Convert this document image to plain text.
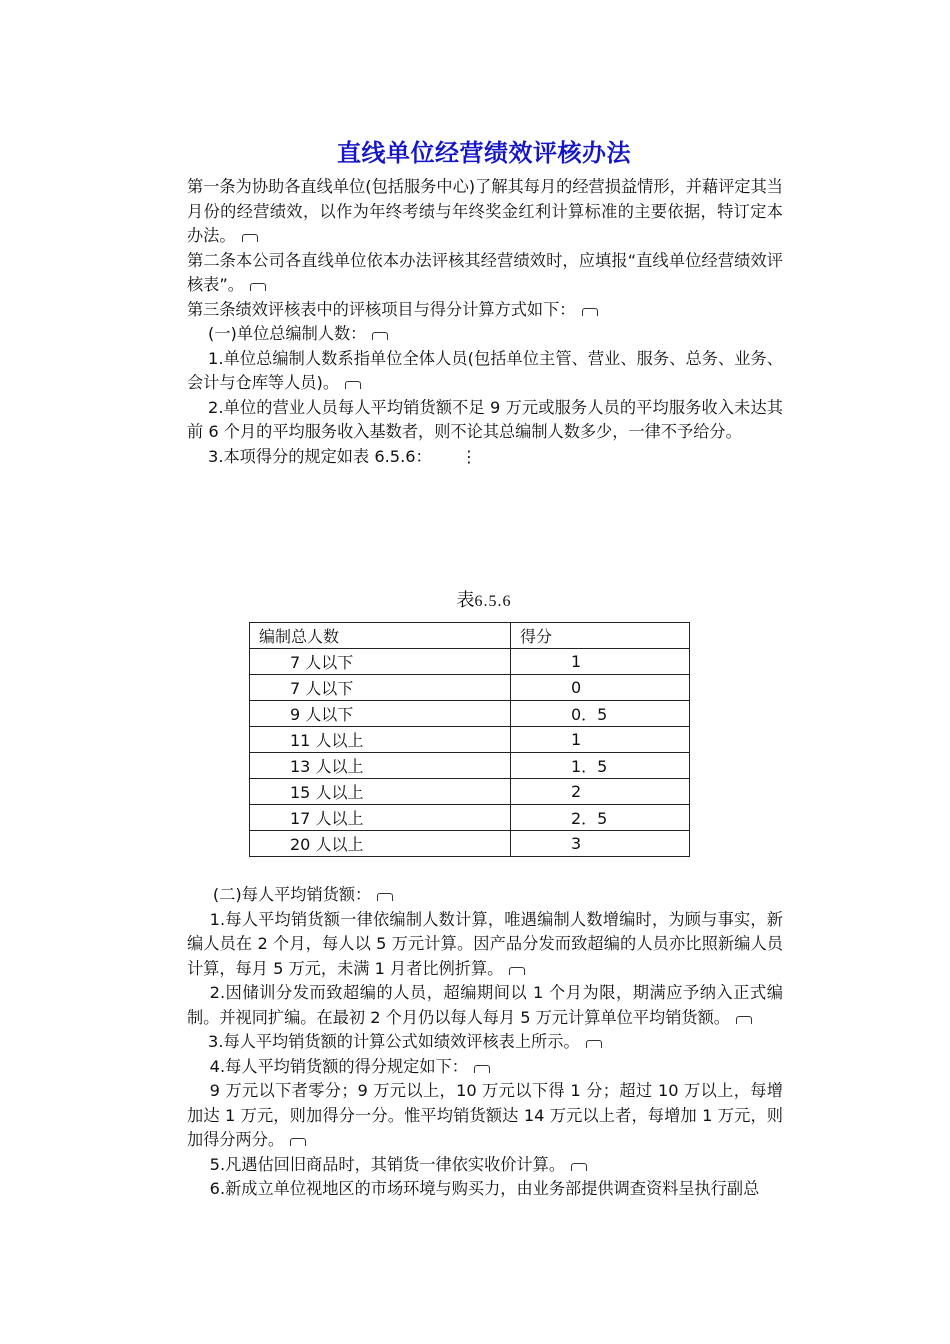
直线单位经营绩效评核办法

第一条为协助各直线单位(包括服务中心)了解其每月的经营损益情形，并藉评定其当月份的经营绩效，以作为年终考绩与年终奖金红利计算标准的主要依据，特订定本办法。

第二条本公司各直线单位依本办法评核其经营绩效时，应填报“直线单位经营绩效评核表”。

第三条绩效评核表中的评核项目与得分计算方式如下：

(一)单位总编制人数：

1.单位总编制人数系指单位全体人员(包括单位主管、营业、服务、总务、业务、会计与仓库等人员)。

2.单位的营业人员每人平均销货额不足 9 万元或服务人员的平均服务收入未达其前 6 个月的平均服务收入基数者，则不论其总编制人数多少，一律不予给分。

3.本项得分的规定如表 6.5.6： ⋮

表6.5.6
编制总人数	得分
7 人以下	1
7 人以下	0
9 人以下	0．5
11 人以上	1
13 人以上	1．5
15 人以上	2
17 人以上	2．5
20 人以上	3

(二)每人平均销货额：

1.每人平均销货额一律依编制人数计算，唯遇编制人数增编时，为顾与事实，新编人员在 2 个月，每人以 5 万元计算。因产品分发而致超编的人员亦比照新编人员计算，每月 5 万元，未满 1 月者比例折算。

2.因储训分发而致超编的人员，超编期间以 1 个月为限，期满应予纳入正式编制。并视同扩编。在最初 2 个月仍以每人每月 5 万元计算单位平均销货额。

3.每人平均销货额的计算公式如绩效评核表上所示。

4.每人平均销货额的得分规定如下：

9 万元以下者零分；9 万元以上，10 万元以下得 1 分；超过 10 万以上，每增加达 1 万元，则加得分一分。惟平均销货额达 14 万元以上者，每增加 1 万元，则加得分两分。

5.凡遇估回旧商品时，其销货一律依实收价计算。

6.新成立单位视地区的市场环境与购买力，由业务部提供调查资料呈执行副总
